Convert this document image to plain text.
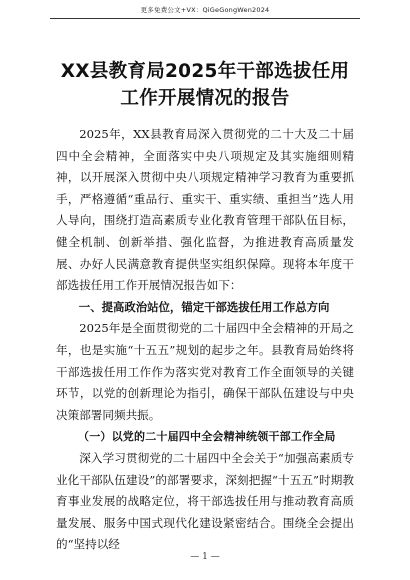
更多免费公文+VX：QiGeGongWen2024
XX县教育局2025年干部选拔任用工作开展情况的报告

2025年，XX县教育局深入贯彻党的二十大及二十届四中全会精神，全面落实中央八项规定及其实施细则精神，以开展深入贯彻中央八项规定精神学习教育为重要抓手，严格遵循“重品行、重实干、重实绩、重担当”选人用人导向，围绕打造高素质专业化教育管理干部队伍目标，健全机制、创新举措、强化监督，为推进教育高质量发展、办好人民满意教育提供坚实组织保障。现将本年度干部选拔任用工作开展情况报告如下：

一、提高政治站位，锚定干部选拔任用工作总方向

2025年是全面贯彻党的二十届四中全会精神的开局之年，也是实施“十五五”规划的起步之年。县教育局始终将干部选拔任用工作作为落实党对教育工作全面领导的关键环节，以党的创新理论为指引，确保干部队伍建设与中央决策部署同频共振。

（一）以党的二十届四中全会精神统领干部工作全局

深入学习贯彻党的二十届四中全会关于“加强高素质专业化干部队伍建设”的部署要求，深刻把握“十五五”时期教育事业发展的战略定位，将干部选拔任用与推动教育高质量发展、服务中国式现代化建设紧密结合。围绕全会提出的“坚持以经

— 1 —
